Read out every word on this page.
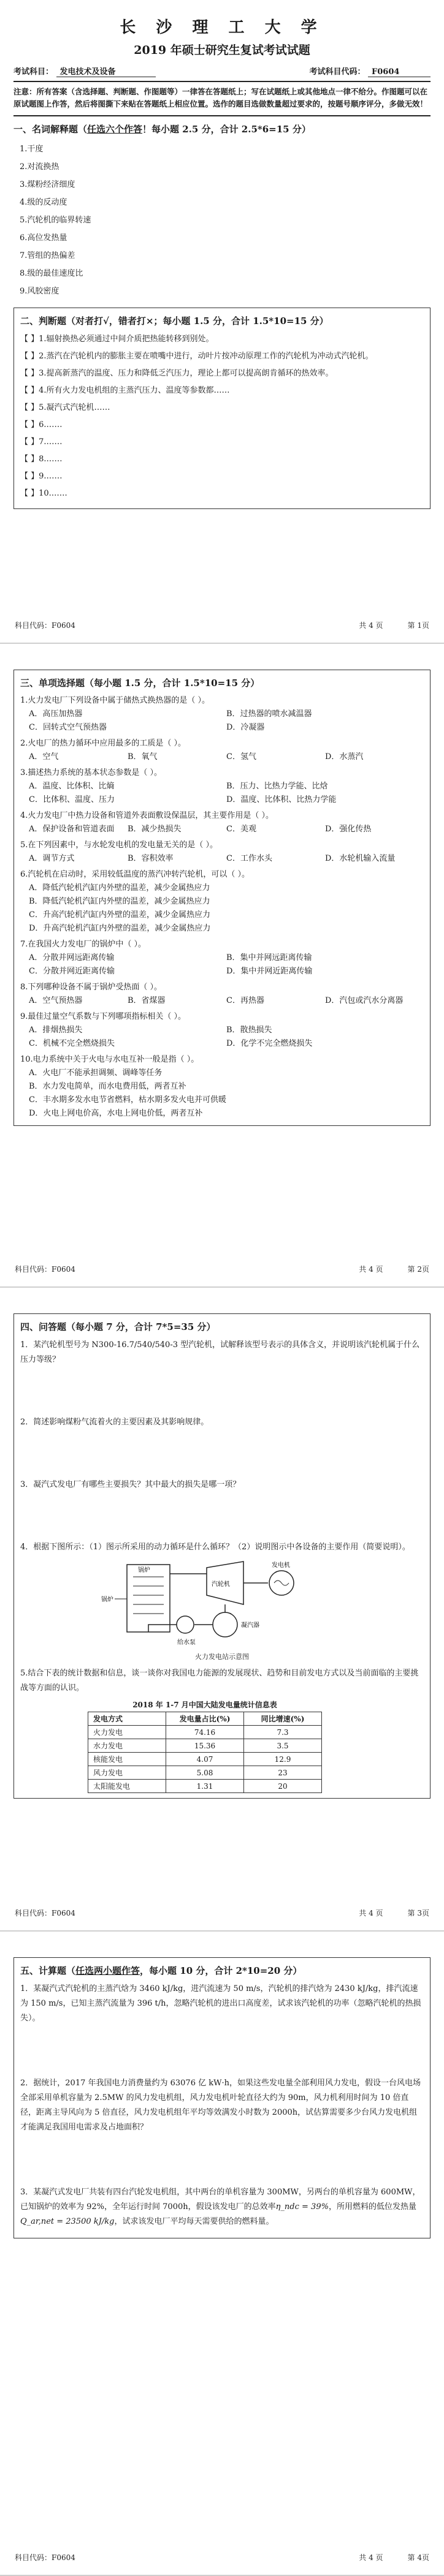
长 沙 理 工 大 学
2019 年硕士研究生复试考试试题
考试科目： 发电技术及设备	考试科目代码： F0604
注意：所有答案（含选择题、判断题、作图题等）一律答在答题纸上；写在试题纸上或其他地点一律不给分。作图题可以在原试题图上作答，然后将图撕下来贴在答题纸上相应位置。选作的题目选做数量超过要求的，按题号顺序评分，多做无效！
一、名词解释题（任选六个作答！每小题 2.5 分，合计 2.5*6=15 分）
1.干度
2.对流换热
3.煤粉经济细度
4.级的反动度
5.汽轮机的临界转速
6.高位发热量
7.管组的热偏差
8.级的最佳速度比
9.风胶密度
二、判断题（对者打√，错者打×；每小题 1.5 分，合计 1.5*10=15 分）
【 】1.辐射换热必须通过中间介质把热能转移到别处。
【 】2.蒸汽在汽轮机内的膨胀主要在喷嘴中进行，动叶片按冲动原理工作的汽轮机为冲动式汽轮机。
【 】3.提高新蒸汽的温度、压力和降低乏汽压力，理论上都可以提高朗肯循环的热效率。
【 】4.所有火力发电机组的主蒸汽压力、温度等参数都……
【 】5.凝汽式汽轮机……
【 】6.……
【 】7.……
【 】8.……
【 】9.……
【 】10.……
科目代码：F0604	共 4 页	第 1页
三、单项选择题（每小题 1.5 分，合计 1.5*10=15 分）
1.火力发电厂下列设备中属于储热式换热器的是（ ）。
A．高压加热器	B．过热器的喷水减温器
C．回转式空气预热器	D．冷凝器
2.火电厂的热力循环中应用最多的工质是（ ）。
A．空气	B．氧气	C．氢气	D．水蒸汽
3.描述热力系统的基本状态参数是（ ）。
A．温度、比体积、比熵	B．压力、比热力学能、比焓
C．比体积、温度、压力	D．温度、比体积、比热力学能
4.火力发电厂中热力设备和管道外表面敷设保温层，其主要作用是（ ）。
A．保护设备和管道表面	B．减少热损失	C．美观	D．强化传热
5.在下列因素中，与水轮发电机的发电量无关的是（ ）。
A．调节方式	B．容积效率	C．工作水头	D．水轮机输入流量
6.汽轮机在启动时，采用较低温度的蒸汽冲转汽轮机，可以（ ）。
A．降低汽轮机汽缸内外壁的温差，减少金属热应力
B．降低汽轮机汽缸内外壁的温差，减少金属热应力
C．升高汽轮机汽缸内外壁的温差，减少金属热应力
D．升高汽轮机汽缸内外壁的温差，减少金属热应力
7.在我国火力发电厂的锅炉中（ ）。
A．分散并网远距离传输	B．集中并网远距离传输
C．分散并网近距离传输	D．集中并网近距离传输
8.下列哪种设备不属于锅炉受热面（ ）。
A．空气预热器	B．省煤器	C．再热器	D．汽包或汽水分离器
9.最佳过量空气系数与下列哪项指标相关（ ）。
A．排烟热损失	B．散热损失
C．机械不完全燃烧损失	D．化学不完全燃烧损失
10.电力系统中关于火电与水电互补一般是指（ ）。
A．火电厂不能承担调频、调峰等任务
B．水力发电简单，而水电费用低，两者互补
C．丰水期多发水电节省燃料，枯水期多发火电并可供暖
D．火电上网电价高，水电上网电价低，两者互补
科目代码：F0604	共 4 页	第 2页
四、问答题（每小题 7 分，合计 7*5=35 分）
1．某汽轮机型号为 N300-16.7/540/540-3 型汽轮机，试解释该型号表示的具体含义，并说明该汽轮机属于什么压力等级？
2．简述影响煤粉气流着火的主要因素及其影响规律。
3．凝汽式发电厂有哪些主要损失？其中最大的损失是哪一项？
4．根据下图所示：（1）图示所采用的动力循环是什么循环？（2）说明图示中各设备的主要作用（简要说明）。
锅炉
锅炉
汽轮机
发电机
凝汽器
给水泵
火力发电站示意图
5.结合下表的统计数据和信息，谈一谈你对我国电力能源的发展现状、趋势和目前发电方式以及当前面临的主要挑战等方面的认识。
2018 年 1-7 月中国大陆发电量统计信息表
发电方式	发电量占比(%)	同比增速(%)
火力发电	74.16	7.3
水力发电	15.36	3.5
核能发电	4.07	12.9
风力发电	5.08	23
太阳能发电	1.31	20
科目代码：F0604	共 4 页	第 3页
五、计算题（任选两小题作答，每小题 10 分，合计 2*10=20 分）
1．某凝汽式汽轮机的主蒸汽焓为 3460 kJ/kg，进汽流速为 50 m/s，汽轮机的排汽焓为 2430 kJ/kg，排汽流速为 150 m/s，已知主蒸汽流量为 396 t/h，忽略汽轮机的进出口高度差，试求该汽轮机的功率（忽略汽轮机的热损失）。
2．据统计，2017 年我国电力消费量约为 63076 亿 kW·h，如果这些发电量全部利用风力发电，假设一台风电场全部采用单机容量为 2.5MW 的风力发电机组，风力发电机叶轮直径大约为 90m，风力机利用时间为 10 倍直径，距离主导风向为 5 倍直径，风力发电机组年平均等效满发小时数为 2000h，试估算需要多少台风力发电机组才能满足我国用电需求及占地面积？
3．某凝汽式发电厂共装有四台汽轮发电机组，其中两台的单机容量为 300MW，另两台的单机容量为 600MW，已知锅炉的效率为 92%，全年运行时间 7000h，假设该发电厂的总效率η_ndc = 39%，所用燃料的低位发热量Q_ar,net = 23500 kJ/kg，试求该发电厂平均每天需要供给的燃料量。
科目代码：F0604	共 4 页	第 4页
